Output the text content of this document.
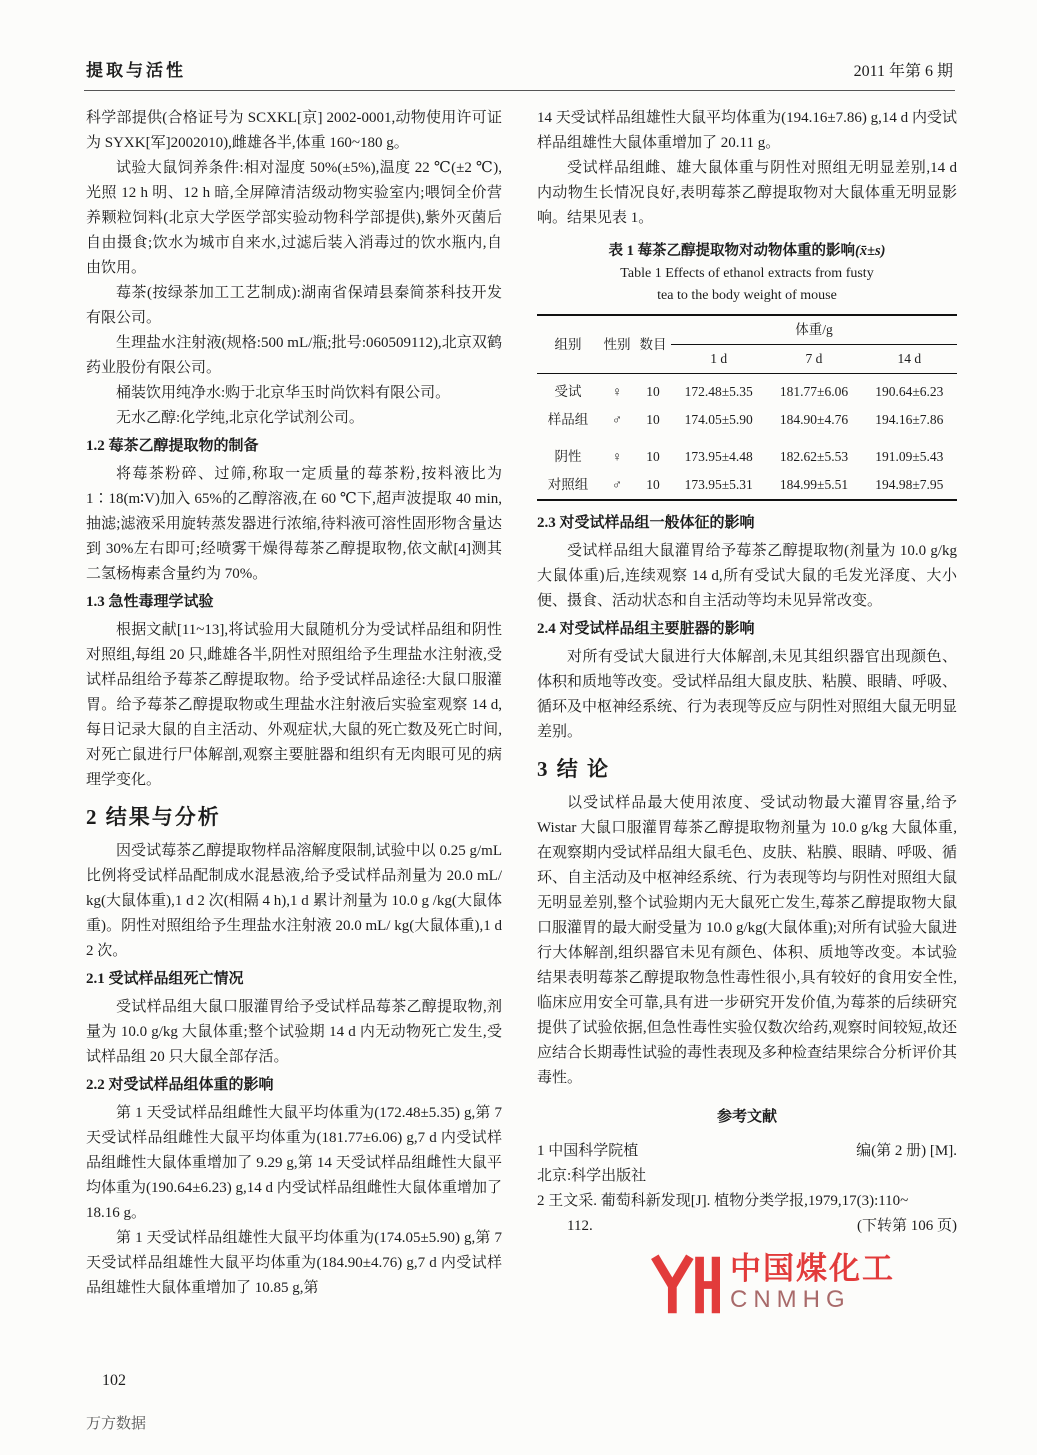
提取与活性	2011 年第 6 期

科学部提供(合格证号为 SCXKL[京] 2002-0001,动物使用许可证为 SYXK[军]2002010),雌雄各半,体重 160~180 g。

试验大鼠饲养条件:相对湿度 50%(±5%),温度 22 ℃(±2 ℃),光照 12 h 明、12 h 暗,全屏障清洁级动物实验室内;喂饲全价营养颗粒饲料(北京大学医学部实验动物科学部提供),紫外灭菌后自由摄食;饮水为城市自来水,过滤后装入消毒过的饮水瓶内,自由饮用。

莓茶(按绿茶加工工艺制成):湖南省保靖县秦简茶科技开发有限公司。

生理盐水注射液(规格:500 mL/瓶;批号:060509112),北京双鹤药业股份有限公司。

桶装饮用纯净水:购于北京华玉时尚饮料有限公司。

无水乙醇:化学纯,北京化学试剂公司。

1.2 莓茶乙醇提取物的制备

将莓茶粉碎、过筛,称取一定质量的莓茶粉,按料液比为1∶18(m∶V)加入 65%的乙醇溶液,在 60 ℃下,超声波提取 40 min,抽滤;滤液采用旋转蒸发器进行浓缩,待料液可溶性固形物含量达到 30%左右即可;经喷雾干燥得莓茶乙醇提取物,依文献[4]测其二氢杨梅素含量约为 70%。

1.3 急性毒理学试验

根据文献[11~13],将试验用大鼠随机分为受试样品组和阴性对照组,每组 20 只,雌雄各半,阴性对照组给予生理盐水注射液,受试样品组给予莓茶乙醇提取物。给予受试样品途径:大鼠口服灌胃。给予莓茶乙醇提取物或生理盐水注射液后实验室观察 14 d,每日记录大鼠的自主活动、外观症状,大鼠的死亡数及死亡时间,对死亡鼠进行尸体解剖,观察主要脏器和组织有无肉眼可见的病理学变化。

2 结果与分析

因受试莓茶乙醇提取物样品溶解度限制,试验中以 0.25 g/mL 比例将受试样品配制成水混悬液,给予受试样品剂量为 20.0 mL/ kg(大鼠体重),1 d 2 次(相隔 4 h),1 d 累计剂量为 10.0 g /kg(大鼠体重)。阴性对照组给予生理盐水注射液 20.0 mL/ kg(大鼠体重),1 d 2 次。

2.1 受试样品组死亡情况

受试样品组大鼠口服灌胃给予受试样品莓茶乙醇提取物,剂量为 10.0 g/kg 大鼠体重;整个试验期 14 d 内无动物死亡发生,受试样品组 20 只大鼠全部存活。

2.2 对受试样品组体重的影响

第 1 天受试样品组雌性大鼠平均体重为(172.48±5.35) g,第 7 天受试样品组雌性大鼠平均体重为(181.77±6.06) g,7 d 内受试样品组雌性大鼠体重增加了 9.29 g,第 14 天受试样品组雌性大鼠平均体重为(190.64±6.23) g,14 d 内受试样品组雌性大鼠体重增加了 18.16 g。

第 1 天受试样品组雄性大鼠平均体重为(174.05±5.90) g,第 7 天受试样品组雄性大鼠平均体重为(184.90±4.76) g,7 d 内受试样品组雄性大鼠体重增加了 10.85 g,第

14 天受试样品组雄性大鼠平均体重为(194.16±7.86) g,14 d 内受试样品组雄性大鼠体重增加了 20.11 g。

受试样品组雌、雄大鼠体重与阴性对照组无明显差别,14 d 内动物生长情况良好,表明莓茶乙醇提取物对大鼠体重无明显影响。结果见表 1。

表 1 莓茶乙醇提取物对动物体重的影响(x̄±s)
Table 1 Effects of ethanol extracts from fusty
tea to the body weight of mouse
组别	性别	数目	体重/g		
			1 d	7 d	14 d
受试	♀	10	172.48±5.35	181.77±6.06	190.64±6.23
样品组	♂	10	174.05±5.90	184.90±4.76	194.16±7.86
阴性	♀	10	173.95±4.48	182.62±5.53	191.09±5.43
对照组	♂	10	173.95±5.31	184.99±5.51	194.98±7.95
2.3 对受试样品组一般体征的影响

受试样品组大鼠灌胃给予莓茶乙醇提取物(剂量为 10.0 g/kg 大鼠体重)后,连续观察 14 d,所有受试大鼠的毛发光泽度、大小便、摄食、活动状态和自主活动等均未见异常改变。

2.4 对受试样品组主要脏器的影响

对所有受试大鼠进行大体解剖,未见其组织器官出现颜色、体积和质地等改变。受试样品组大鼠皮肤、粘膜、眼睛、呼吸、循环及中枢神经系统、行为表现等反应与阴性对照组大鼠无明显差别。

3 结 论

以受试样品最大使用浓度、受试动物最大灌胃容量,给予 Wistar 大鼠口服灌胃莓茶乙醇提取物剂量为 10.0 g/kg 大鼠体重,在观察期内受试样品组大鼠毛色、皮肤、粘膜、眼睛、呼吸、循环、自主活动及中枢神经系统、行为表现等均与阴性对照组大鼠无明显差别,整个试验期内无大鼠死亡发生,莓茶乙醇提取物大鼠口服灌胃的最大耐受量为 10.0 g/kg(大鼠体重);对所有试验大鼠进行大体解剖,组织器官未见有颜色、体积、质地等改变。本试验结果表明莓茶乙醇提取物急性毒性很小,具有较好的食用安全性,临床应用安全可靠,具有进一步研究开发价值,为莓茶的后续研究提供了试验依据,但急性毒性实验仅数次给药,观察时间较短,故还应结合长期毒性试验的毒性表现及多种检查结果综合分析评价其毒性。

参考文献
1 中国科学院植	编(第 2 册) [M].
北京:科学出版社
2 王文采. 葡萄科新发现[J]. 植物分类学报,1979,17(3):110~
112.	(下转第 106 页)
中国煤化工
CNMHG
102
万方数据
